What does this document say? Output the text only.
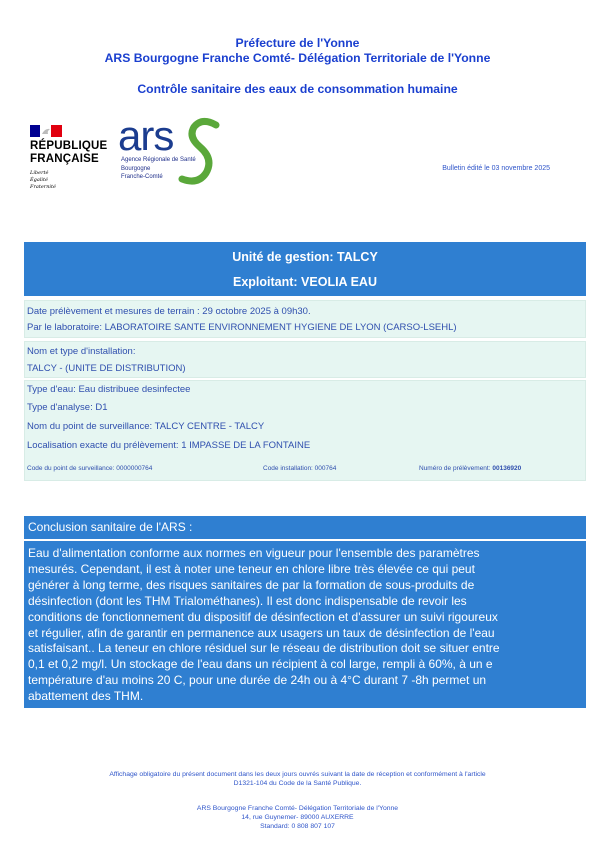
Préfecture de l'Yonne
ARS Bourgogne Franche Comté- Délégation Territoriale de l'Yonne
Contrôle sanitaire des eaux de consommation humaine
RÉPUBLIQUE
FRANÇAISE
Liberté
Égalité
Fraternité
ars
Agence Régionale de Santé
Bourgogne
Franche-Comté
Bulletin édité le 03 novembre 2025
Unité de gestion: TALCY
Exploitant: VEOLIA EAU
Date prélèvement et mesures de terrain : 29 octobre 2025 à 09h30.
Par le laboratoire: LABORATOIRE SANTE ENVIRONNEMENT HYGIENE DE LYON (CARSO-LSEHL)
Nom et type d'installation:
TALCY - (UNITE DE DISTRIBUTION)
Type d'eau: Eau distribuee desinfectee
Type d'analyse: D1
Nom du point de surveillance: TALCY CENTRE - TALCY
Localisation exacte du prélèvement: 1 IMPASSE DE LA FONTAINE
Code du point de surveillance: 0000000764	Code installation: 000764	Numéro de prélèvement: 00136920
Conclusion sanitaire de l'ARS :
Eau d'alimentation conforme aux normes en vigueur pour l'ensemble des paramètres
mesurés. Cependant, il est à noter une teneur en chlore libre très élevée ce qui peut
générer à long terme, des risques sanitaires de par la formation de sous-produits de
désinfection (dont les THM Trialométhanes). Il est donc indispensable de revoir les
conditions de fonctionnement du dispositif de désinfection et d'assurer un suivi rigoureux
et régulier, afin de garantir en permanence aux usagers un taux de désinfection de l'eau
satisfaisant.. La teneur en chlore résiduel sur le réseau de distribution doit se situer entre
0,1 et 0,2 mg/l. Un stockage de l'eau dans un récipient à col large, rempli à 60%, à un e
température d'au moins 20 C, pour une durée de 24h ou à 4°C durant 7 -8h permet un
abattement des THM.
Affichage obligatoire du présent document dans les deux jours ouvrés suivant la date de réception et conformément à l'article
D1321-104 du Code de la Santé Publique.
ARS Bourgogne Franche Comté- Délégation Territoriale de l'Yonne
14, rue Guynemer- 89000 AUXERRE
Standard: 0 808 807 107
